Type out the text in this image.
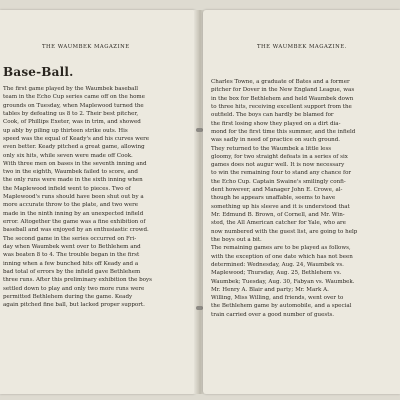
THE WAUMBEK MAGAZINE
Base-Ball.
The first game played by the Waumbek baseball
team in the Echo Cup series came off on the home
grounds on Tuesday, when Maplewood turned the
tables by defeating us 8 to 2. Their best pitcher,
Cook, of Phillips Exeter, was in trim, and showed
up ably by piling up thirteen strike outs. His
speed was the equal of Keady's and his curves were
even better. Keady pitched a great game, allowing
only six hits, while seven were made off Cook.
With three men on bases in the seventh inning and
two in the eighth, Waumbek failed to score, and
the only runs were made in the sixth inning when
the Maplewood infield went to pieces. Two of
Maplewood's runs should have been shut out by a
more accurate throw to the plate, and two were
made in the ninth inning by an unexpected infield
error. Altogether the game was a fine exhibition of
baseball and was enjoyed by an enthusiastic crowd.
The second game in the series occurred on Fri-
day when Waumbek went over to Bethlehem and
was beaten 8 to 4. The trouble began in the first
inning when a few bunched hits off Keady and a
bad total of errors by the infield gave Bethlehem
three runs. After this preliminary exhibition the boys
settled down to play and only two more runs were
permitted Bethlehem during the game. Keady
again pitched fine ball, but lacked proper support.
THE WAUMBEK MAGAZINE.
Charles Towne, a graduate of Bates and a former
pitcher for Dover in the New England League, was
in the box for Bethlehem and held Waumbek down
to three hits, receiving excellent support from the
outfield. The boys can hardly be blamed for
the first losing show they played on a dirt dia-
mond for the first time this summer, and the infield
was sadly in need of practice on such ground.
They returned to the Waumbek a little less
gloomy, for two straight defeats in a series of six
games does not augur well. It is now necessary
to win the remaining four to stand any chance for
the Echo Cup. Captain Swaine's smilingly confi-
dent however, and Manager John E. Crowe, al-
though he appears unaffable, seems to have
something up his sleeve and it is understood that
Mr. Edmund B. Brown, of Cornell, and Mr. Win-
sted, the All American catcher for Yale, who are
now numbered with the guest list, are going to help
the boys out a bit.
The remaining games are to be played as follows,
with the exception of one date which has not been
determined: Wednesday, Aug. 24, Waumbek vs.
Maplewood; Thursday, Aug. 25, Bethlehem vs.
Waumbek; Tuesday, Aug. 30, Fabyan vs. Waumbek.
Mr. Henry A. Blair and party; Mr. Mark A.
Willing, Miss Willing, and friends, went over to
the Bethlehem game by automobile, and a special
train carried over a good number of guests.
